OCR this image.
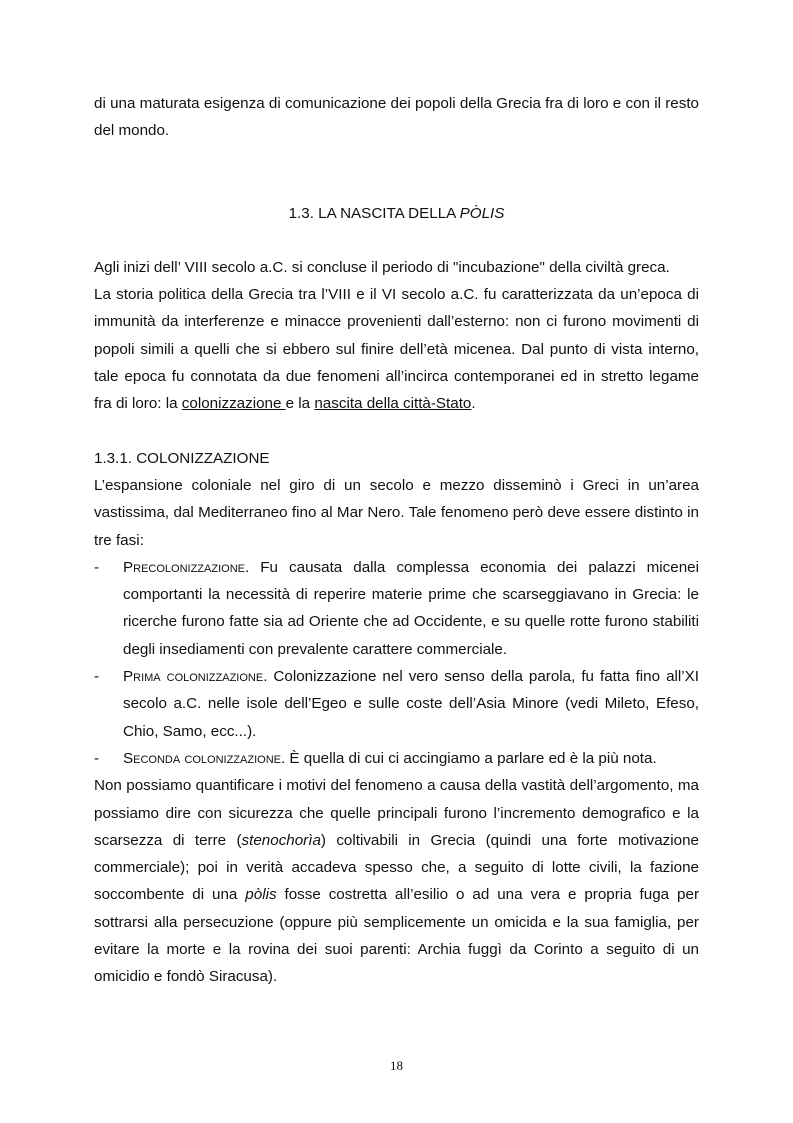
di una maturata esigenza di comunicazione dei popoli della Grecia fra di loro e con il resto del mondo.

1.3. LA NASCITA DELLA PÒLIS

Agli inizi dell’ VIII secolo a.C. si concluse il periodo di "incubazione" della civiltà greca.

La storia politica della Grecia tra l’VIII e il VI secolo a.C. fu caratterizzata da un’epoca di immunità da interferenze e minacce provenienti dall’esterno: non ci furono movimenti di popoli simili a quelli che si ebbero sul finire dell’età micenea. Dal punto di vista interno, tale epoca fu connotata da due fenomeni all’incirca contemporanei ed in stretto legame fra di loro: la colonizzazione e la nascita della città-Stato.

1.3.1. COLONIZZAZIONE

L’espansione coloniale nel giro di un secolo e mezzo disseminò i Greci in un’area vastissima, dal Mediterraneo fino al Mar Nero. Tale fenomeno però deve essere distinto in tre fasi:

- Precolonizzazione. Fu causata dalla complessa economia dei palazzi micenei comportanti la necessità di reperire materie prime che scarseggiavano in Grecia: le ricerche furono fatte sia ad Oriente che ad Occidente, e su quelle rotte furono stabiliti degli insediamenti con prevalente carattere commerciale.
- Prima colonizzazione. Colonizzazione nel vero senso della parola, fu fatta fino all’XI secolo a.C. nelle isole dell’Egeo e sulle coste dell’Asia Minore (vedi Mileto, Efeso, Chio, Samo, ecc...).
- Seconda colonizzazione. È quella di cui ci accingiamo a parlare ed è la più nota.

Non possiamo quantificare i motivi del fenomeno a causa della vastità dell’argomento, ma possiamo dire con sicurezza che quelle principali furono l’incremento demografico e la scarsezza di terre (stenochorìa) coltivabili in Grecia (quindi una forte motivazione commerciale); poi in verità accadeva spesso che, a seguito di lotte civili, la fazione soccombente di una pòlis fosse costretta all’esilio o ad una vera e propria fuga per sottrarsi alla persecuzione (oppure più semplicemente un omicida e la sua famiglia, per evitare la morte e la rovina dei suoi parenti: Archia fuggì da Corinto a seguito di un omicidio e fondò Siracusa).

18
